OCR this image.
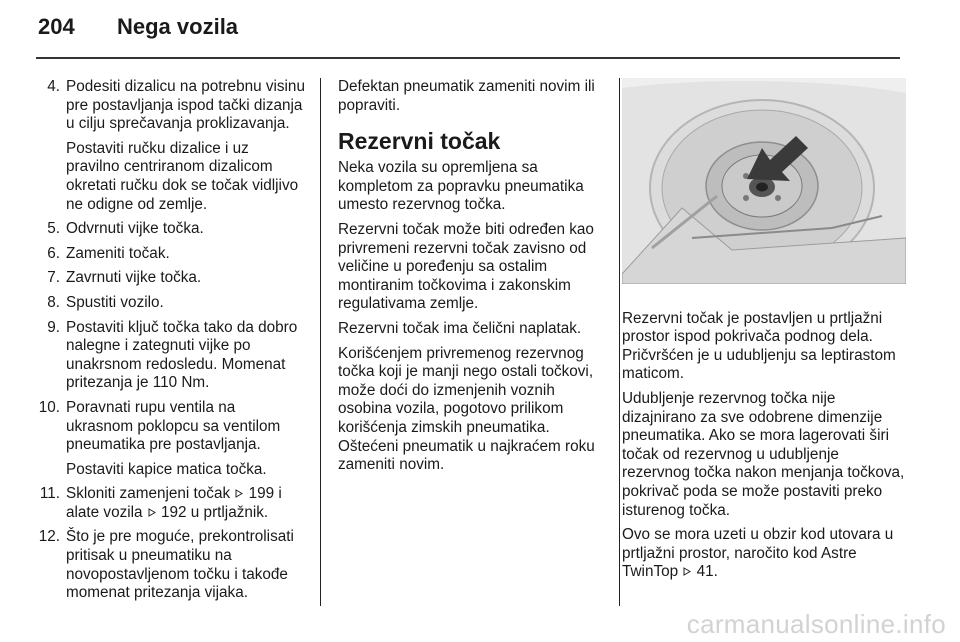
204 Nega vozila
4. Podesiti dizalicu na potrebnu visinu pre postavljanja ispod tački dizanja u cilju sprečavanja proklizavanja.

Postaviti ručku dizalice i uz pravilno centriranom dizalicom okretati ručku dok se točak vidljivo ne odigne od zemlje.

5. Odvrnuti vijke točka.

6. Zameniti točak.

7. Zavrnuti vijke točka.

8. Spustiti vozilo.

9. Postaviti ključ točka tako da dobro nalegne i zategnuti vijke po unakrsnom redosledu. Momenat pritezanja je 110 Nm.

10. Poravnati rupu ventila na ukrasnom poklopcu sa ventilom pneumatika pre postavljanja.

Postaviti kapice matica točka.

11. Skloniti zamenjeni točak 199 i alate vozila 192 u prtljažnik.

12. Što je pre moguće, prekontrolisati pritisak u pneumatiku na novopostavljenom točku i takođe momenat pritezanja vijaka.

Defektan pneumatik zameniti novim ili popraviti.

Rezervni točak

Neka vozila su opremljena sa kompletom za popravku pneumatika umesto rezervnog točka.

Rezervni točak može biti određen kao privremeni rezervni točak zavisno od veličine u poređenju sa ostalim montiranim točkovima i zakonskim regulativama zemlje.

Rezervni točak ima čelični naplatak.

Korišćenjem privremenog rezervnog točka koji je manji nego ostali točkovi, može doći do izmenjenih voznih osobina vozila, pogotovo prilikom korišćenja zimskih pneumatika. Oštećeni pneumatik u najkraćem roku zameniti novim.

Rezervni točak je postavljen u prtljažni prostor ispod pokrivača podnog dela. Pričvršćen je u udubljenju sa leptirastom maticom.

Udubljenje rezervnog točka nije dizajnirano za sve odobrene dimenzije pneumatika. Ako se mora lagerovati širi točak od rezervnog u udubljenje rezervnog točka nakon menjanja točkova, pokrivač poda se može postaviti preko isturenog točka.

Ovo se mora uzeti u obzir kod utovara u prtljažni prostor, naročito kod Astre TwinTop 41.

carmanualsonline.info
